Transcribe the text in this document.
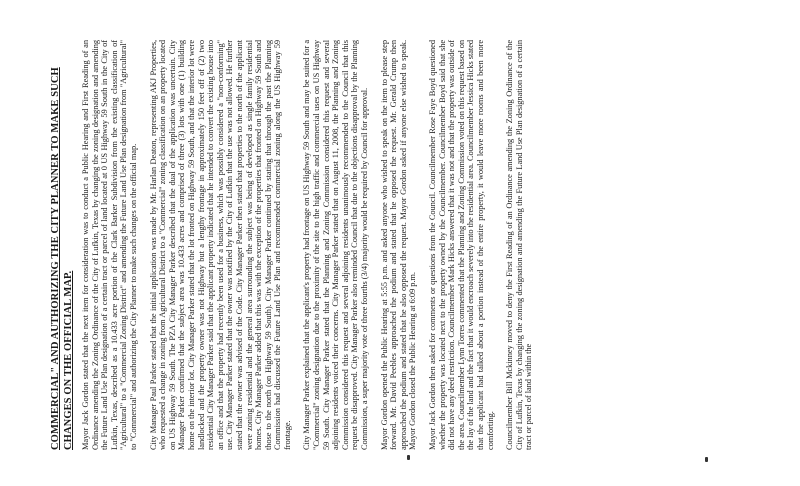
COMMERCIAL" AND AUTHORIZING THE CITY PLANNER TO MAKE SUCH CHANGES ON THE OFFICIAL MAP. Mayor Jack Gordon stated that the next item for consideration was to conduct a Public Hearing and First Reading of an Ordinance amending the Zoning Ordinance of the City of Lufkin, Texas by changing the zoning designation and amending the Future Land Use Plan designation of a certain tract or parcel of land located at 0 US Highway 59 South in the City of Lufkin, Texas, described as a 10.433 acre portion of the Clark Barker Subdivision from the existing classification of "Agricultural" to a "Commercial Zoning District" and amending the Future Land Use Plan designation from "Agricultural" to "Commercial" and authorizing the City Planner to make such changes on the official map. City Manager Paul Parker stated that the initial application was made by Mr. Harlan Deaton, representing AKJ Properties, who requested a change in zoning from Agricultural District to a "Commercial" zoning classification on an property located on US Highway 59 South. The PZA City Manager Parker described that the dual of the application was uncertain. City Manager Parker confirmed that the subject area was 10.433 acres and comprised of three (3) lots with one (1) building home on the interior lot. City Manager Parker stated that the lot fronted on Highway 59 South, and that the interior lot were landlocked and the property owner was not Highway but a lengthy frontage in approximately 150 feet off of (2) two residential City Manager Parker said that the applicant property indicated that he intended to convert the existing house into an office and that the property had recently been used for a business, which was possibly considered a "non-conforming" use. City Manager Parker stated that the owner was notified by the City of Lufkin that the use was not allowed. He further stated that the owner was advised of the Code. City Manager Parker then stated that properties to the north of the applicant were zoning residential and the general area surrounding the subject was being of developed as single family residential homes. City Manager Parker added that this was with the exception of the properties that fronted on Highway 59 South and those to the north (on Highway 59 South). City Manager Parker continued by stating that through the past the Planning Commission had discussed the Future Land Use Plan and recommended commercial zoning along the US Highway 59 frontage. City Manager Parker explained that the applicant's property had frontage on US Highway 59 South and may be suited for a "Commercial" zoning designation due to the proximity of the site to the high traffic and commercial uses on US Highway 59 South. City Manager Parker stated that the Planning and Zoning Commission considered this request and several adjoining residents voiced their concerns. City Manager Parker stated that on August 11, 2008, the Planning and Zoning Commission considered this request and several adjoining residents unanimously recommended to the Council that this request be disapproved. City Manager Parker also reminded Council that due to the objections disapproval by the Planning Commission, a super majority vote of three fourths (3/4) majority would be required by Council for approval. Mayor Gordon opened the Public Hearing at 5:55 p.m. and asked anyone who wished to speak on the item to please step forward. Mr. David Peebles approached the podium and stated that he opposed the request. Mr. Gerald Crump then approached the podium and stated that he also opposed the request. Mayor Gordon asked if anyone else wished to speak. Mayor Gordon closed the Public Hearing at 6:09 p.m. Mayor Jack Gordon then asked for comments or questions from the Council. Councilmember Rose Faye Boyd questioned whether the property was located next to the property owned by the Councilmember. Councilmember Boyd said that she did not have any deed restriction. Councilmember Mark Hicks answered that it was not and that the property was outside of the area. Councilmember Lynn Torres commented that the Planning and Zoning Commission voted on this request based on the lay of the land and the fact that it would encroach severely into the residential area. Councilmember Jessica Hicks stated that the applicant had talked about a portion instead of the entire property, it would leave more rooms and been more comforting. Councilmember Bill Mckinney moved to deny the First Reading of an Ordinance amending the Zoning Ordinance of the City of Lufkin, Texas by changing the zoning designation and amending the Future Land Use Plan designation of a certain tract or parcel of land within the
